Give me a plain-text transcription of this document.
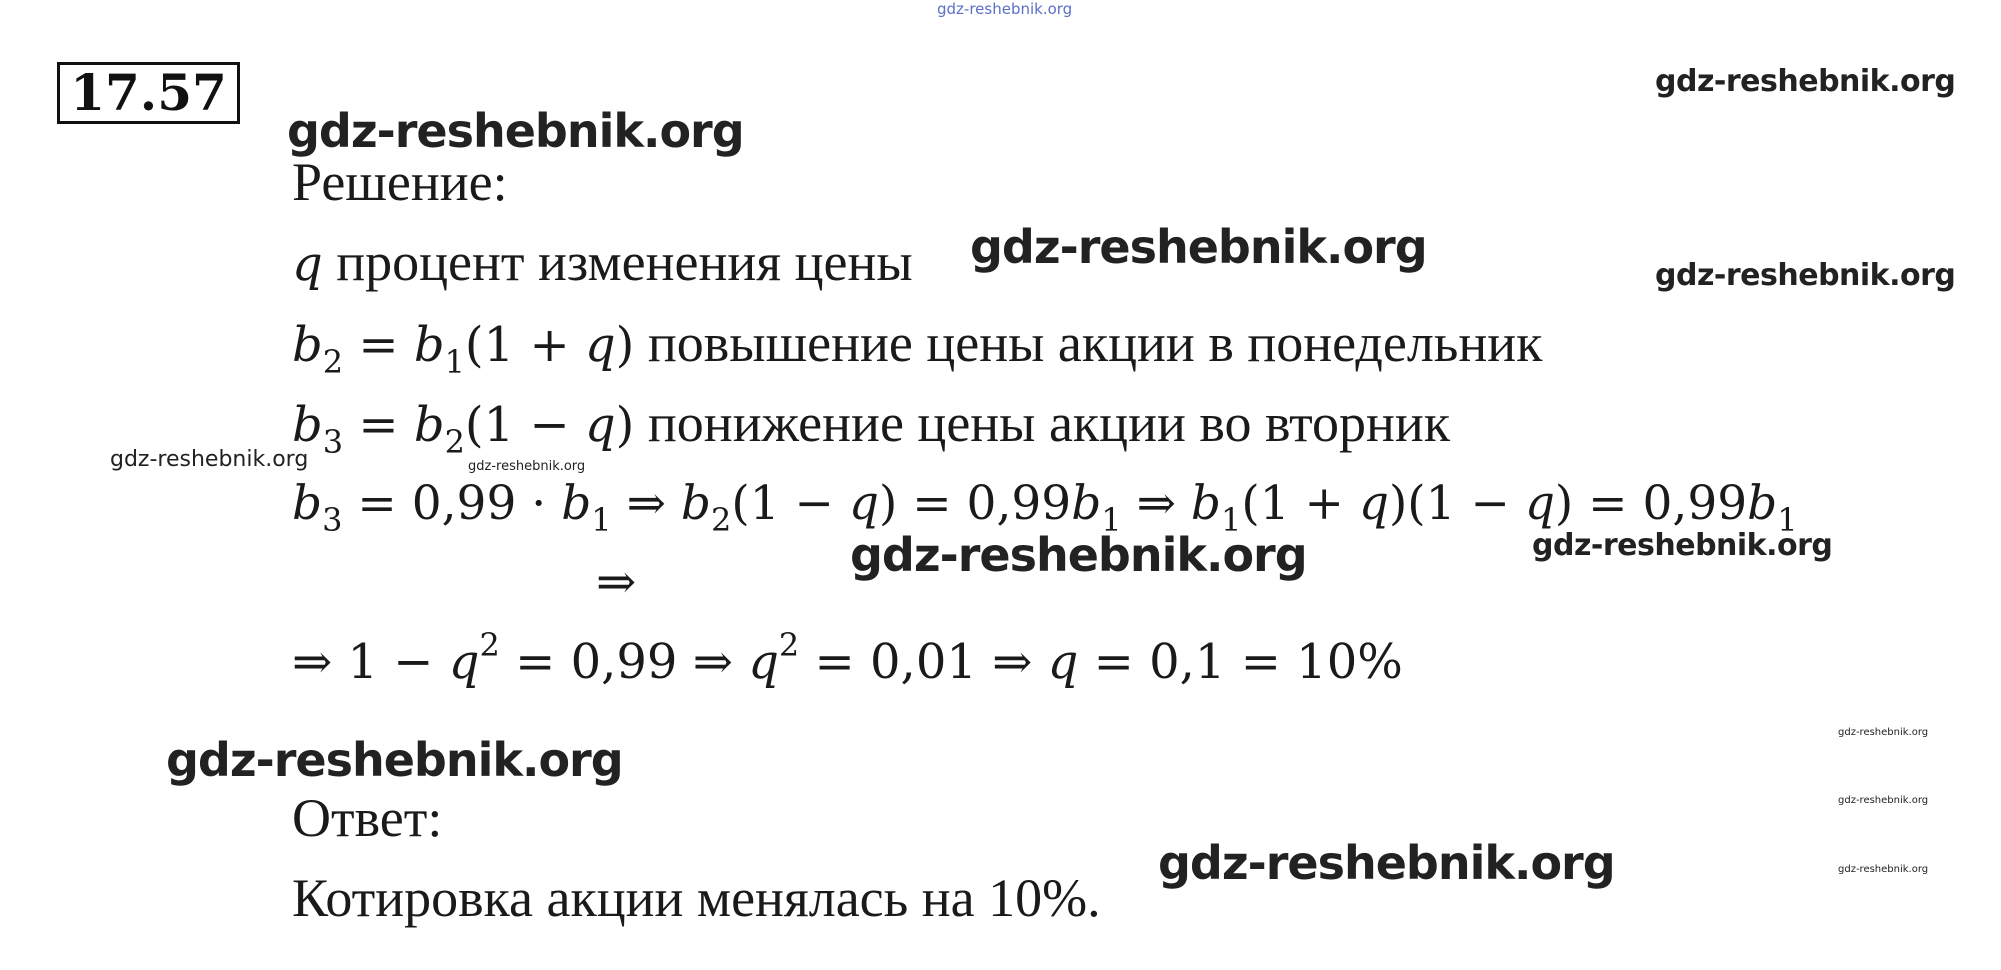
gdz-reshebnik.org
17.57
gdz-reshebnik.org
gdz-reshebnik.org
gdz-reshebnik.org
gdz-reshebnik.org
gdz-reshebnik.org	gdz-reshebnik.org
gdz-reshebnik.org	gdz-reshebnik.org
gdz-reshebnik.org
gdz-reshebnik.org
gdz-reshebnik.org
gdz-reshebnik.org
gdz-reshebnik.org
Решение:
q процент изменения цены
$b_2 = b_1(1 + q)$ повышение цены акции в понедельник
$b_3 = b_2(1 - q)$ понижение цены акции во вторник
$b_3 = 0,99 \cdot b_1$ ⇒ $b_2(1 - q) = 0,99b_1$ ⇒ $b_1(1 + q)(1 - q) = 0,99b_1$
⇒
⇒ $1 - q^2 = 0,99$ ⇒ $q^2 = 0,01$ ⇒ q = 0,1 = 10%
Ответ:
Котировка акции менялась на 10%.
